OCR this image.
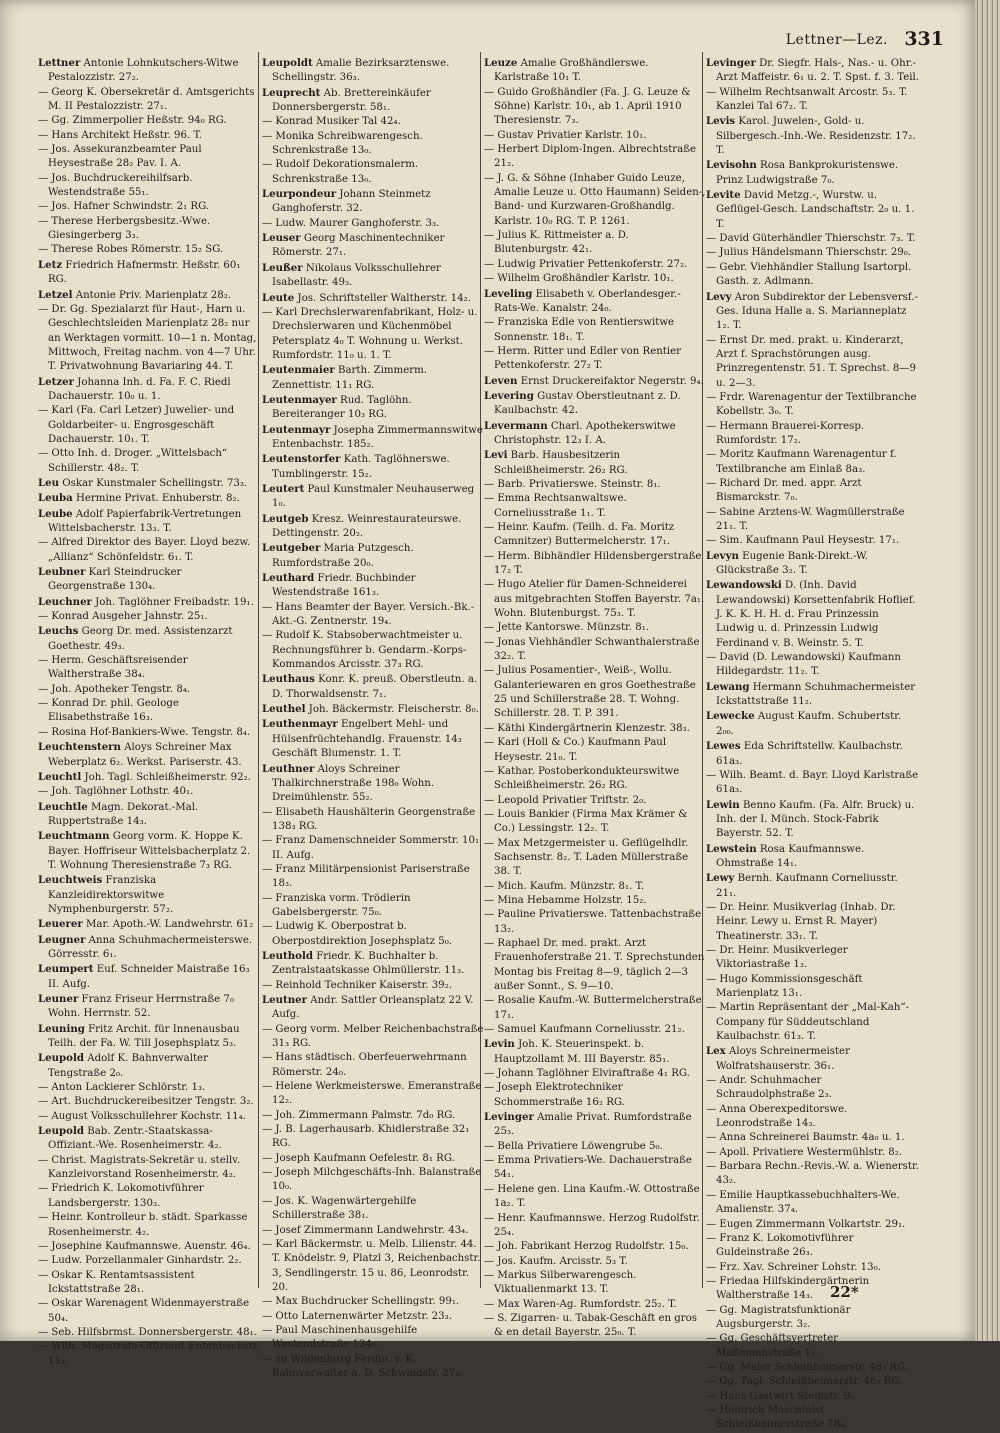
Lettner—Lez. 331

Lettner Antonie Lohnkutschers-Witwe Pestalozzistr. 27₂.

— Georg K. Obersekretär d. Amtsgerichts M. II Pestalozzistr. 27₁.

— Gg. Zimmerpolier Heßstr. 94₀ RG.

— Hans Architekt Heßstr. 96. T.

— Jos. Assekuranzbeamter Paul Heysestraße 28₂ Pav. I. A.

— Jos. Buchdruckereihilfsarb. Westendstraße 55₁.

— Jos. Hafner Schwindstr. 2₁ RG.

— Therese Herbergsbesitz.-Wwe. Giesingerberg 3₃.

— Therese Robes Römerstr. 15₂ SG.

Letz Friedrich Hafnermstr. Heßstr. 60₁ RG.

Letzel Antonie Priv. Marienplatz 28₂.

— Dr. Gg. Spezialarzt für Haut-, Harn u. Geschlechtsleiden Marienplatz 28₂ nur an Werktagen vormitt. 10—1 n. Montag, Mittwoch, Freitag nachm. von 4—7 Uhr. T. Privatwohnung Bavariaring 44. T.

Letzer Johanna Inh. d. Fa. F. C. Riedl Dachauerstr. 10₀ u. 1.

— Karl (Fa. Carl Letzer) Juwelier- und Goldarbeiter- u. Engrosgeschäft Dachauerstr. 10₁. T.

— Otto Inh. d. Droger. „Wittelsbach“ Schillerstr. 48₂. T.

Leu Oskar Kunstmaler Schellingstr. 73₃.

Leuba Hermine Privat. Enhuberstr. 8₂.

Leube Adolf Papierfabrik-Vertretungen Wittelsbacherstr. 13₃. T.

— Alfred Direktor des Bayer. Lloyd bezw. „Allianz“ Schönfeldstr. 6₁. T.

Leubner Karl Steindrucker Georgenstraße 130₄.

Leuchner Joh. Taglöhner Freibadstr. 19₁.

— Konrad Ausgeher Jahnstr. 25₁.

Leuchs Georg Dr. med. Assistenzarzt Goethestr. 49₃.

— Herm. Geschäftsreisender Waltherstraße 38₄.

— Joh. Apotheker Tengstr. 8₄.

— Konrad Dr. phil. Geologe Elisabethstraße 16₃.

— Rosina Hof-Bankiers-Wwe. Tengstr. 8₄.

Leuchtenstern Aloys Schreiner Max Weberplatz 6₂. Werkst. Pariserstr. 43.

Leuchtl Joh. Tagl. Schleißheimerstr. 92₂.

— Joh. Taglöhner Lothstr. 40₁.

Leuchtle Magn. Dekorat.-Mal. Ruppertstraße 14₃.

Leuchtmann Georg vorm. K. Hoppe K. Bayer. Hoffriseur Wittelsbacherplatz 2. T. Wohnung Theresienstraße 7₃ RG.

Leuchtweis Franziska Kanzleidirektorswitwe Nymphenburgerstr. 57₂.

Leuerer Mar. Apoth.-W. Landwehrstr. 61₂

Leugner Anna Schuhmachermeisterswe. Görresstr. 6₁.

Leumpert Euf. Schneider Maistraße 16₃ II. Aufg.

Leuner Franz Friseur Herrnstraße 7₀ Wohn. Herrnstr. 52.

Leuning Fritz Archit. für Innenausbau Teilh. der Fa. W. Till Josephsplatz 5₃.

Leupold Adolf K. Bahnverwalter Tengstraße 2₀.

— Anton Lackierer Schlörstr. 1₃.

— Art. Buchdruckereibesitzer Tengstr. 3₂.

— August Volksschullehrer Kochstr. 11₄.

Leupold Bab. Zentr.-Staatskassa-Offiziant.-We. Rosenheimerstr. 4₂.

— Christ. Magistrats-Sekretär u. stellv. Kanzleivorstand Rosenheimerstr. 4₂.

— Friedrich K. Lokomotivführer Landsbergerstr. 130₃.

— Heinr. Kontrolleur b. städt. Sparkasse Rosenheimerstr. 4₂.

— Josephine Kaufmannswe. Auenstr. 46₄.

— Ludw. Porzellanmaler Ginhardstr. 2₂.

— Oskar K. Rentamtsassistent Ickstattstraße 28₁.

— Oskar Warenagent Widenmayerstraße 50₄.

— Seb. Hilfsbrmst. Donnersbergerstr. 48₁.

— Wilh. Magistrats-Offiziant Entenbachstr. 11₃.

Leupoldt Amalie Bezirksarztenswe. Schellingstr. 36₃.

Leuprecht Ab. Brettereinkäufer Donnersbergerstr. 58₁.

— Konrad Musiker Tal 42₄.

— Monika Schreibwarengesch. Schrenkstraße 13₀.

— Rudolf Dekorationsmalerm. Schrenkstraße 13₀.

Leurpondeur Johann Steinmetz Ganghoferstr. 32.

— Ludw. Maurer Ganghoferstr. 3₃.

Leuser Georg Maschinentechniker Römerstr. 27₁.

Leußer Nikolaus Volksschullehrer Isabellastr. 49₃.

Leute Jos. Schriftsteller Waltherstr. 14₂.

— Karl Drechslerwarenfabrikant, Holz- u. Drechslerwaren und Küchenmöbel Petersplatz 4₀ T. Wohnung u. Werkst. Rumfordstr. 11₀ u. 1. T.

Leutenmaier Barth. Zimmerm. Zennettistr. 11₁ RG.

Leutenmayer Rud. Taglöhn. Bereiteranger 10₃ RG.

Leutenmayr Josepha Zimmermannswitwe Entenbachstr. 185₂.

Leutenstorfer Kath. Taglöhnerswe. Tumblingerstr. 15₂.

Leutert Paul Kunstmaler Neuhauserweg 1₀.

Leutgeb Kresz. Weinrestaurateurswe. Dettingenstr. 20₂.

Leutgeber Maria Putzgesch. Rumfordstraße 20₀.

Leuthard Friedr. Buchbinder Westendstraße 161₃.

— Hans Beamter der Bayer. Versich.-Bk.-Akt.-G. Zentnerstr. 19₄.

— Rudolf K. Stabsoberwachtmeister u. Rechnungsführer b. Gendarm.-Korps-Kommandos Arcisstr. 37₃ RG.

Leuthaus Konr. K. preuß. Oberstleutn. a. D. Thorwaldsenstr. 7₁.

Leuthel Joh. Bäckermstr. Fleischerstr. 8₀.

Leuthenmayr Engelbert Mehl- und Hülsenfrüchtehandlg. Frauenstr. 14₃ Geschäft Blumenstr. 1. T.

Leuthner Aloys Schreiner Thalkirchnerstraße 198₀ Wohn. Dreimühlenstr. 55₂.

— Elisabeth Haushälterin Georgenstraße 138₃ RG.

— Franz Damenschneider Sommerstr. 10₁ II. Aufg.

— Franz Militärpensionist Pariserstraße 18₃.

— Franziska vorm. Trödlerin Gabelsbergerstr. 75₀.

— Ludwig K. Oberpostrat b. Oberpostdirektion Josephsplatz 5₀.

Leuthold Friedr. K. Buchhalter b. Zentralstaatskasse Ohlmüllerstr. 11₃.

— Reinhold Techniker Kaiserstr. 39₂.

Leutner Andr. Sattler Orleansplatz 22 V. Aufg.

— Georg vorm. Melber Reichenbachstraße 31₃ RG.

— Hans städtisch. Oberfeuerwehrmann Römerstr. 24₀.

— Helene Werkmeisterswe. Emeranstraße 12₂.

— Joh. Zimmermann Palmstr. 7d₀ RG.

— J. B. Lagerhausarb. Khidlerstraße 32₁ RG.

— Joseph Kaufmann Oefelestr. 8₁ RG.

— Joseph Milchgeschäfts-Inh. Balanstraße 10₀.

— Jos. K. Wagenwärtergehilfe Schillerstraße 38₁.

— Josef Zimmermann Landwehrstr. 43₄.

— Karl Bäckermstr. u. Melb. Lilienstr. 44. T. Knödelstr. 9, Platzl 3, Reichenbachstr. 3, Sendlingerstr. 15 u. 86, Leonrodstr. 20.

— Max Buchdrucker Schellingstr. 99₁.

— Otto Laternenwärter Metzstr. 23₃.

— Paul Maschinenhausgehilfe Westendstraße 134₀.

— zu Wildenburg Ferdin. v. K. Bahnverwalter a. D. Schwindstr. 27₃.

Leuze Amalie Großhändlerswe. Karlstraße 10₁ T.

— Guido Großhändler (Fa. J. G. Leuze & Söhne) Karlstr. 10₁, ab 1. April 1910 Theresienstr. 7₃.

— Gustav Privatier Karlstr. 10₁.

— Herbert Diplom-Ingen. Albrechtstraße 21₂.

— J. G. & Söhne (Inhaber Guido Leuze, Amalie Leuze u. Otto Haumann) Seiden-, Band- und Kurzwaren-Großhandlg. Karlstr. 10₀ RG. T. P. 1261.

— Julius K. Rittmeister a. D. Blutenburgstr. 42₁.

— Ludwig Privatier Pettenkoferstr. 27₂.

— Wilhelm Großhändler Karlstr. 10₁.

Leveling Elisabeth v. Oberlandesger.-Rats-We. Kanalstr. 24₀.

— Franziska Edle von Rentierswitwe Sonnenstr. 18₁. T.

— Herm. Ritter und Edler von Rentier Pettenkoferstr. 27₂ T.

Leven Ernst Druckereifaktor Negerstr. 9₄.

Levering Gustav Oberstleutnant z. D. Kaulbachstr. 42.

Levermann Charl. Apothekerswitwe Christophstr. 12₃ I. A.

Levi Barb. Hausbesitzerin Schleißheimerstr. 26₂ RG.

— Barb. Privatierswe. Steinstr. 8₁.

— Emma Rechtsanwaltswe. Corneliusstraße 1₁. T.

— Heinr. Kaufm. (Teilh. d. Fa. Moritz Camnitzer) Buttermelcherstr. 17₁.

— Herm. Bibhändler Hildensbergerstraße 17₂ T.

— Hugo Atelier für Damen-Schneiderei aus mitgebrachten Stoffen Bayerstr. 7a₁. Wohn. Blutenburgst. 75₃. T.

— Jette Kantorswe. Münzstr. 8₁.

— Jonas Viehhändler Schwanthalerstraße 32₂. T.

— Julius Posamentier-, Weiß-, Wollu. Galanteriewaren en gros Goethestraße 25 und Schillerstraße 28. T. Wohng. Schillerstr. 28. T. P. 391.

— Käthi Kindergärtnerin Klenzestr. 38₃.

— Karl (Holl & Co.) Kaufmann Paul Heysestr. 21₀. T.

— Kathar. Postoberkondukteurswitwe Schleißheimerstr. 26₂ RG.

— Leopold Privatier Triftstr. 2₀.

— Louis Bankier (Firma Max Krämer & Co.) Lessingstr. 12₂. T.

— Max Metzgermeister u. Geflügelhdlr. Sachsenstr. 8₂. T. Laden Müllerstraße 38. T.

— Mich. Kaufm. Münzstr. 8₁. T.

— Mina Hebamme Holzstr. 15₂.

— Pauline Privatierswe. Tattenbachstraße 13₂.

— Raphael Dr. med. prakt. Arzt Frauenhoferstraße 21. T. Sprechstunden Montag bis Freitag 8—9, täglich 2—3 außer Sonnt., S. 9—10.

— Rosalie Kaufm.-W. Buttermelcherstraße 17₁.

— Samuel Kaufmann Corneliusstr. 21₂.

Levin Joh. K. Steuerinspekt. b. Hauptzollamt M. III Bayerstr. 85₁.

— Johann Taglöhner Elviraftraße 4₁ RG.

— Joseph Elektrotechniker Schommerstraße 16₂ RG.

Levinger Amalie Privat. Rumfordstraße 25₃.

— Bella Privatiere Löwengrube 5₀.

— Emma Privatiers-We. Dachauerstraße 54₁.

— Helene gen. Lina Kaufm.-W. Ottostraße 1a₂. T.

— Henr. Kaufmannswe. Herzog Rudolfstr. 25₄.

— Joh. Fabrikant Herzog Rudolfstr. 15₀.

— Jos. Kaufm. Arcisstr. 5₃ T.

— Markus Silberwarengesch. Viktualienmarkt 13. T.

— Max Waren-Ag. Rumfordstr. 25₂. T.

— S. Zigarren- u. Tabak-Geschäft en gros & en detail Bayerstr. 25₀. T.

Levinger Dr. Siegfr. Hals-, Nas.- u. Ohr.-Arzt Maffeistr. 6₁ u. 2. T. Spst. f. 3. Teil.

— Wilhelm Rechtsanwalt Arcostr. 5₃. T. Kanzlei Tal 67₂. T.

Levis Karol. Juwelen-, Gold- u. Silbergesch.-Inh.-We. Residenzstr. 17₂. T.

Levisohn Rosa Bankprokuristenswe. Prinz Ludwigstraße 7₀.

Levite David Metzg.-, Wurstw. u. Geflügel-Gesch. Landschaftstr. 2₀ u. 1. T.

— David Güterhändler Thierschstr. 7₃. T.

— Julius Händelsmann Thierschstr. 29₀.

— Gebr. Viehhändler Stallung Isartorpl. Gasth. z. Adlmann.

Levy Aron Subdirektor der Lebensversf.-Ges. Iduna Halle a. S. Marianneplatz 1₂. T.

— Ernst Dr. med. prakt. u. Kinderarzt, Arzt f. Sprachstörungen ausg. Prinzregentenstr. 51. T. Sprechst. 8—9 u. 2—3.

— Frdr. Warenagentur der Textilbranche Kobellstr. 3₀. T.

— Hermann Brauerei-Korresp. Rumfordstr. 17₂.

— Moritz Kaufmann Warenagentur f. Textilbranche am Einlaß 8a₃.

— Richard Dr. med. appr. Arzt Bismarckstr. 7₀.

— Sabine Arztens-W. Wagmüllerstraße 21₁. T.

— Sim. Kaufmann Paul Heysestr. 17₁.

Levyn Eugenie Bank-Direkt.-W. Glückstraße 3₂. T.

Lewandowski D. (Inh. David Lewandowski) Korsettenfabrik Hoflief. J. K. K. H. H. d. Frau Prinzessin Ludwig u. d. Prinzessin Ludwig Ferdinand v. B. Weinstr. 5. T.

— David (D. Lewandowski) Kaufmann Hildegardstr. 11₂. T.

Lewang Hermann Schuhmachermeister Ickstattstraße 11₂.

Lewecke August Kaufm. Schubertstr. 2₀₀.

Lewes Eda Schriftstellw. Kaulbachstr. 61a₃.

— Wilh. Beamt. d. Bayr. Lloyd Karlstraße 61a₃.

Lewin Benno Kaufm. (Fa. Alfr. Bruck) u. Inh. der I. Münch. Stock-Fabrik Bayerstr. 52. T.

Lewstein Rosa Kaufmannswe. Ohmstraße 14₁.

Lewy Bernh. Kaufmann Corneliusstr. 21₁.

— Dr. Heinr. Musikverlag (Inhab. Dr. Heinr. Lewy u. Ernst R. Mayer) Theatinerstr. 33₁. T.

— Dr. Heinr. Musikverleger Viktoriastraße 1₃.

— Hugo Kommissionsgeschäft Marienplatz 13₁.

— Martin Repräsentant der „Mal-Kah“-Company für Süddeutschland Kaulbachstr. 61₃. T.

Lex Aloys Schreinermeister Wolfratshauserstr. 36₁.

— Andr. Schuhmacher Schraudolphstraße 2₃.

— Anna Oberexpeditorswe. Leonrodstraße 14₃.

— Anna Schreinerei Baumstr. 4a₀ u. 1.

— Apoll. Privatiere Westermühlstr. 8₂.

— Barbara Rechn.-Revis.-W. a. Wienerstr. 43₂.

— Emilie Hauptkassebuchhalters-We. Amalienstr. 37₄.

— Eugen Zimmermann Volkartstr. 29₁.

— Franz K. Lokomotivführer Guldeinstraße 26₃.

— Frz. Xav. Schreiner Lohstr. 13₀.

— Friedaa Hilfskindergärtnerin Waltherstraße 14₃.

— Gg. Magistratsfunktionär Augsburgerstr. 3₂.

— Gg. Geschäftsvertreter Maßmannstraße 1₂.

— Gg. Maler Schleißheimerstr. 48₃ RG.

— Gg. Tagl. Schleißheimerstr. 48₃ RG.

— Hans Gastwirt Steinstr. 9₀.

— Heinrich Maschinist Schleißheimerstraße 78₄.

22*
